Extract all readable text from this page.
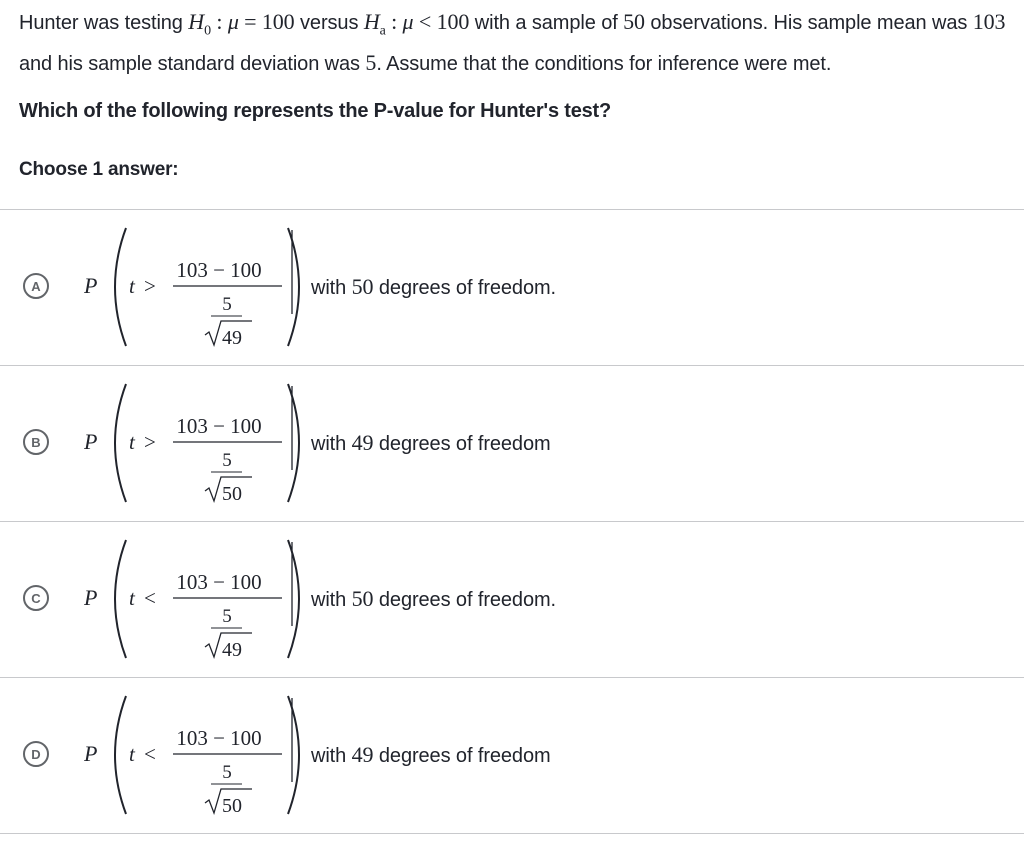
Hunter was testing $H_0$ : μ = 100 versus $H_a$ : μ < 100 with a sample of 50 observations. His sample mean was 103 and his sample standard deviation was 5. Assume that the conditions for inference were met.
Which of the following represents the P-value for Hunter's test?
Choose 1 answer:
A	P t >
103 − 100
5
49
with 50 degrees of freedom.
B	P t >
103 − 100
5
50
with 49 degrees of freedom
C	P t <
103 − 100
5
49
with 50 degrees of freedom.
D	P t <
103 − 100
5
50
with 49 degrees of freedom
